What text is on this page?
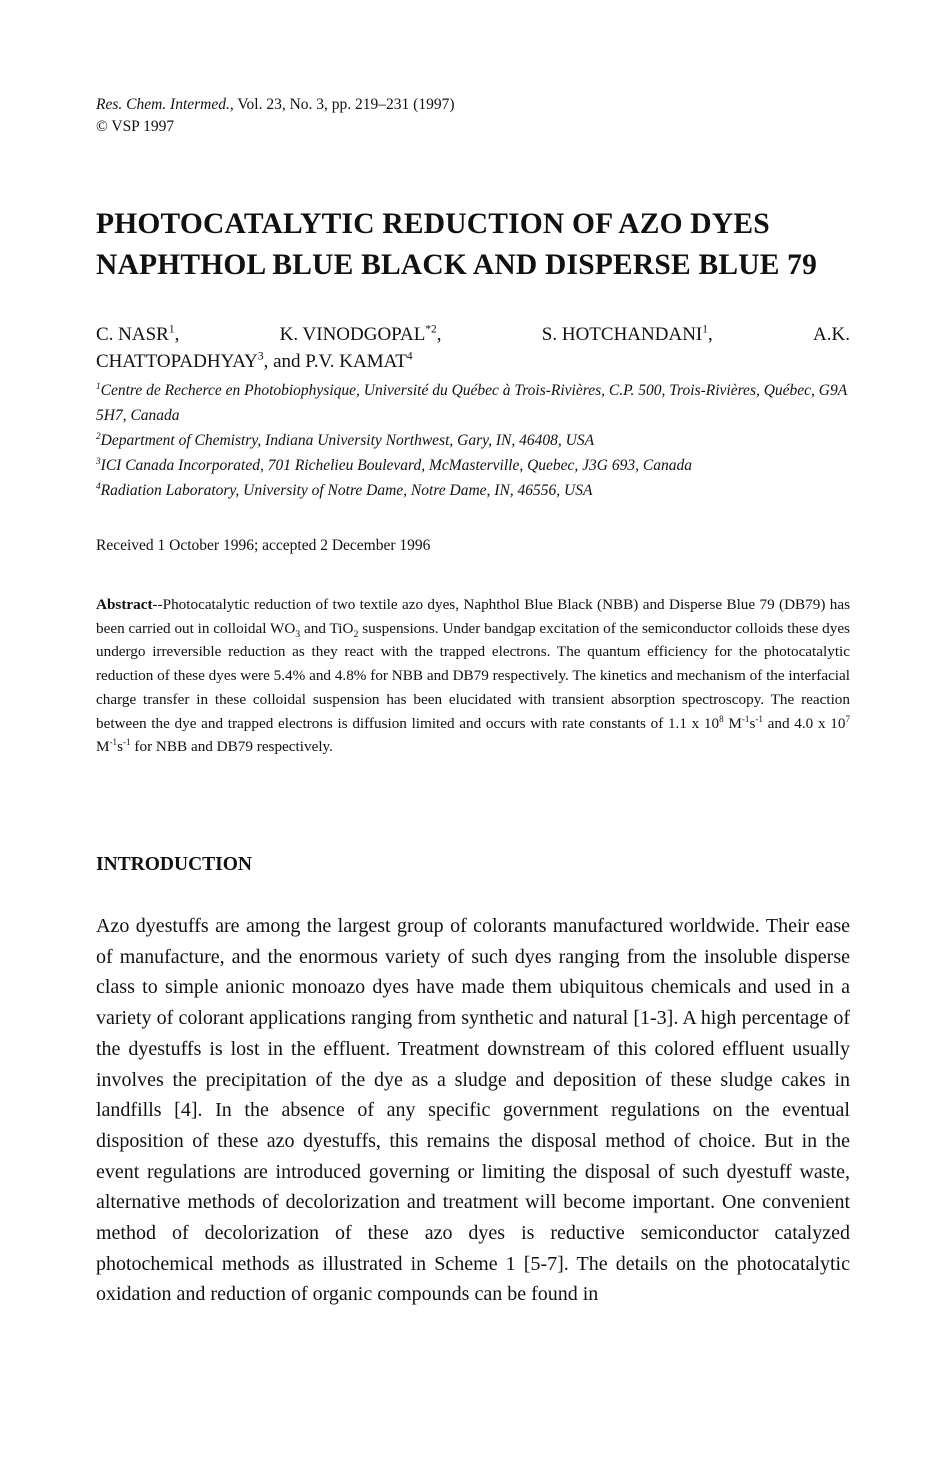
Res. Chem. Intermed., Vol. 23, No. 3, pp. 219–231 (1997)
© VSP 1997
PHOTOCATALYTIC REDUCTION OF AZO DYES
NAPHTHOL BLUE BLACK AND DISPERSE BLUE 79
C. NASR$^1$,	K. VINODGOPAL$^{*2}$,	S. HOTCHANDANI$^1$,	A.K.
CHATTOPADHYAY$^3$, and P.V. KAMAT$^4$
$^1$Centre de Recherce en Photobiophysique, Université du Québec à Trois-Rivières, C.P. 500, Trois-Rivières, Québec, G9A 5H7, Canada
$^2$Department of Chemistry, Indiana University Northwest, Gary, IN, 46408, USA
$^3$ICI Canada Incorporated, 701 Richelieu Boulevard, McMasterville, Quebec, J3G 693, Canada
$^4$Radiation Laboratory, University of Notre Dame, Notre Dame, IN, 46556, USA
Received 1 October 1996; accepted 2 December 1996
Abstract--Photocatalytic reduction of two textile azo dyes, Naphthol Blue Black (NBB) and Disperse Blue 79 (DB79) has been carried out in colloidal $WO_3$ and TiO$_2$ suspensions. Under bandgap excitation of the semiconductor colloids these dyes undergo irreversible reduction as they react with the trapped electrons. The quantum efficiency for the photocatalytic reduction of these dyes were 5.4% and 4.8% for NBB and DB79 respectively. The kinetics and mechanism of the interfacial charge transfer in these colloidal suspension has been elucidated with transient absorption spectroscopy. The reaction between the dye and trapped electrons is diffusion limited and occurs with rate constants of 1.1 x $10^8$ $M^{-1}s^{-1}$ and 4.0 x $10^7$ $M^{-1}s^{-1}$ for NBB and DB79 respectively.
INTRODUCTION
Azo dyestuffs are among the largest group of colorants manufactured worldwide. Their ease of manufacture, and the enormous variety of such dyes ranging from the insoluble disperse class to simple anionic monoazo dyes have made them ubiquitous chemicals and used in a variety of colorant applications ranging from synthetic and natural [1-3]. A high percentage of the dyestuffs is lost in the effluent. Treatment downstream of this colored effluent usually involves the precipitation of the dye as a sludge and deposition of these sludge cakes in landfills [4]. In the absence of any specific government regulations on the eventual disposition of these azo dyestuffs, this remains the disposal method of choice. But in the event regulations are introduced governing or limiting the disposal of such dyestuff waste, alternative methods of decolorization and treatment will become important. One convenient method of decolorization of these azo dyes is reductive semiconductor catalyzed photochemical methods as illustrated in Scheme 1 [5-7]. The details on the photocatalytic oxidation and reduction of organic compounds can be found in
